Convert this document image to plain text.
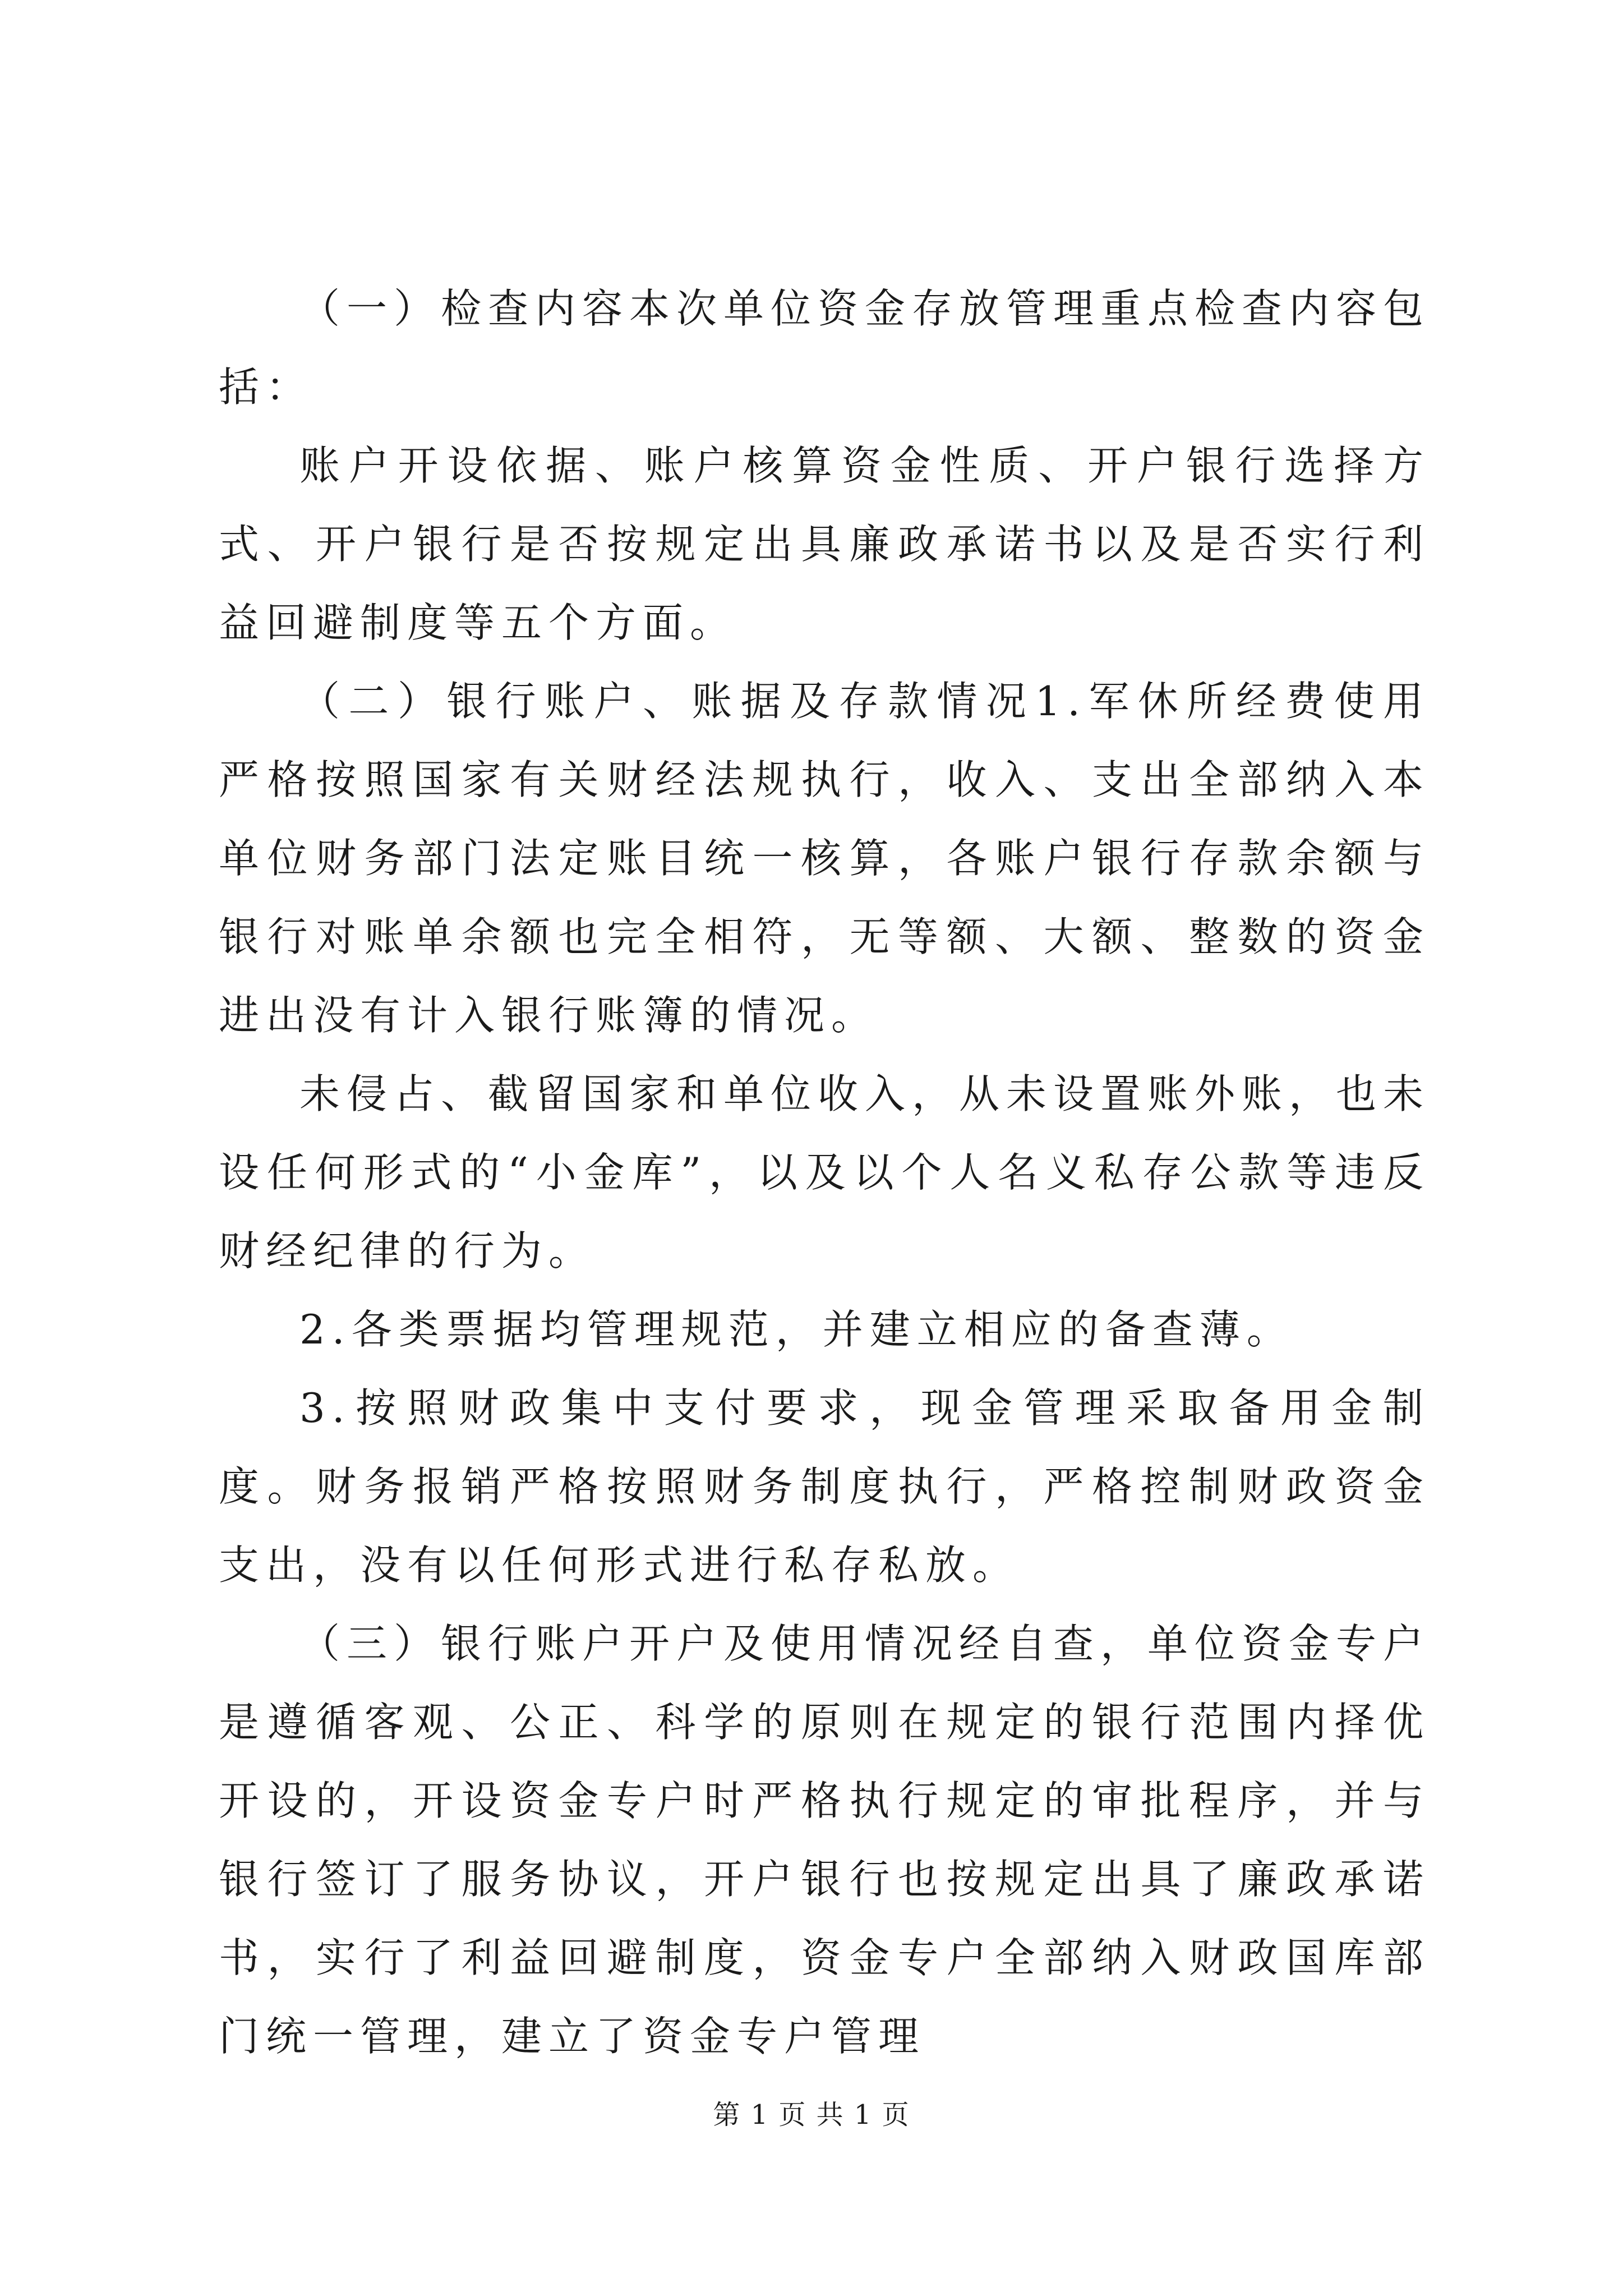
（一）检查内容本次单位资金存放管理重点检查内容包括：

账户开设依据、账户核算资金性质、开户银行选择方式、开户银行是否按规定出具廉政承诺书以及是否实行利益回避制度等五个方面。

（二）银行账户、账据及存款情况1.军休所经费使用严格按照国家有关财经法规执行，收入、支出全部纳入本单位财务部门法定账目统一核算，各账户银行存款余额与银行对账单余额也完全相符，无等额、大额、整数的资金进出没有计入银行账簿的情况。

未侵占、截留国家和单位收入，从未设置账外账，也未设任何形式的“小金库”，以及以个人名义私存公款等违反财经纪律的行为。

2.各类票据均管理规范，并建立相应的备查薄。

3.按照财政集中支付要求，现金管理采取备用金制度。财务报销严格按照财务制度执行，严格控制财政资金支出，没有以任何形式进行私存私放。

（三）银行账户开户及使用情况经自查，单位资金专户是遵循客观、公正、科学的原则在规定的银行范围内择优开设的，开设资金专户时严格执行规定的审批程序，并与银行签订了服务协议，开户银行也按规定出具了廉政承诺书，实行了利益回避制度，资金专户全部纳入财政国库部门统一管理，建立了资金专户管理

第 1 页 共 1 页
